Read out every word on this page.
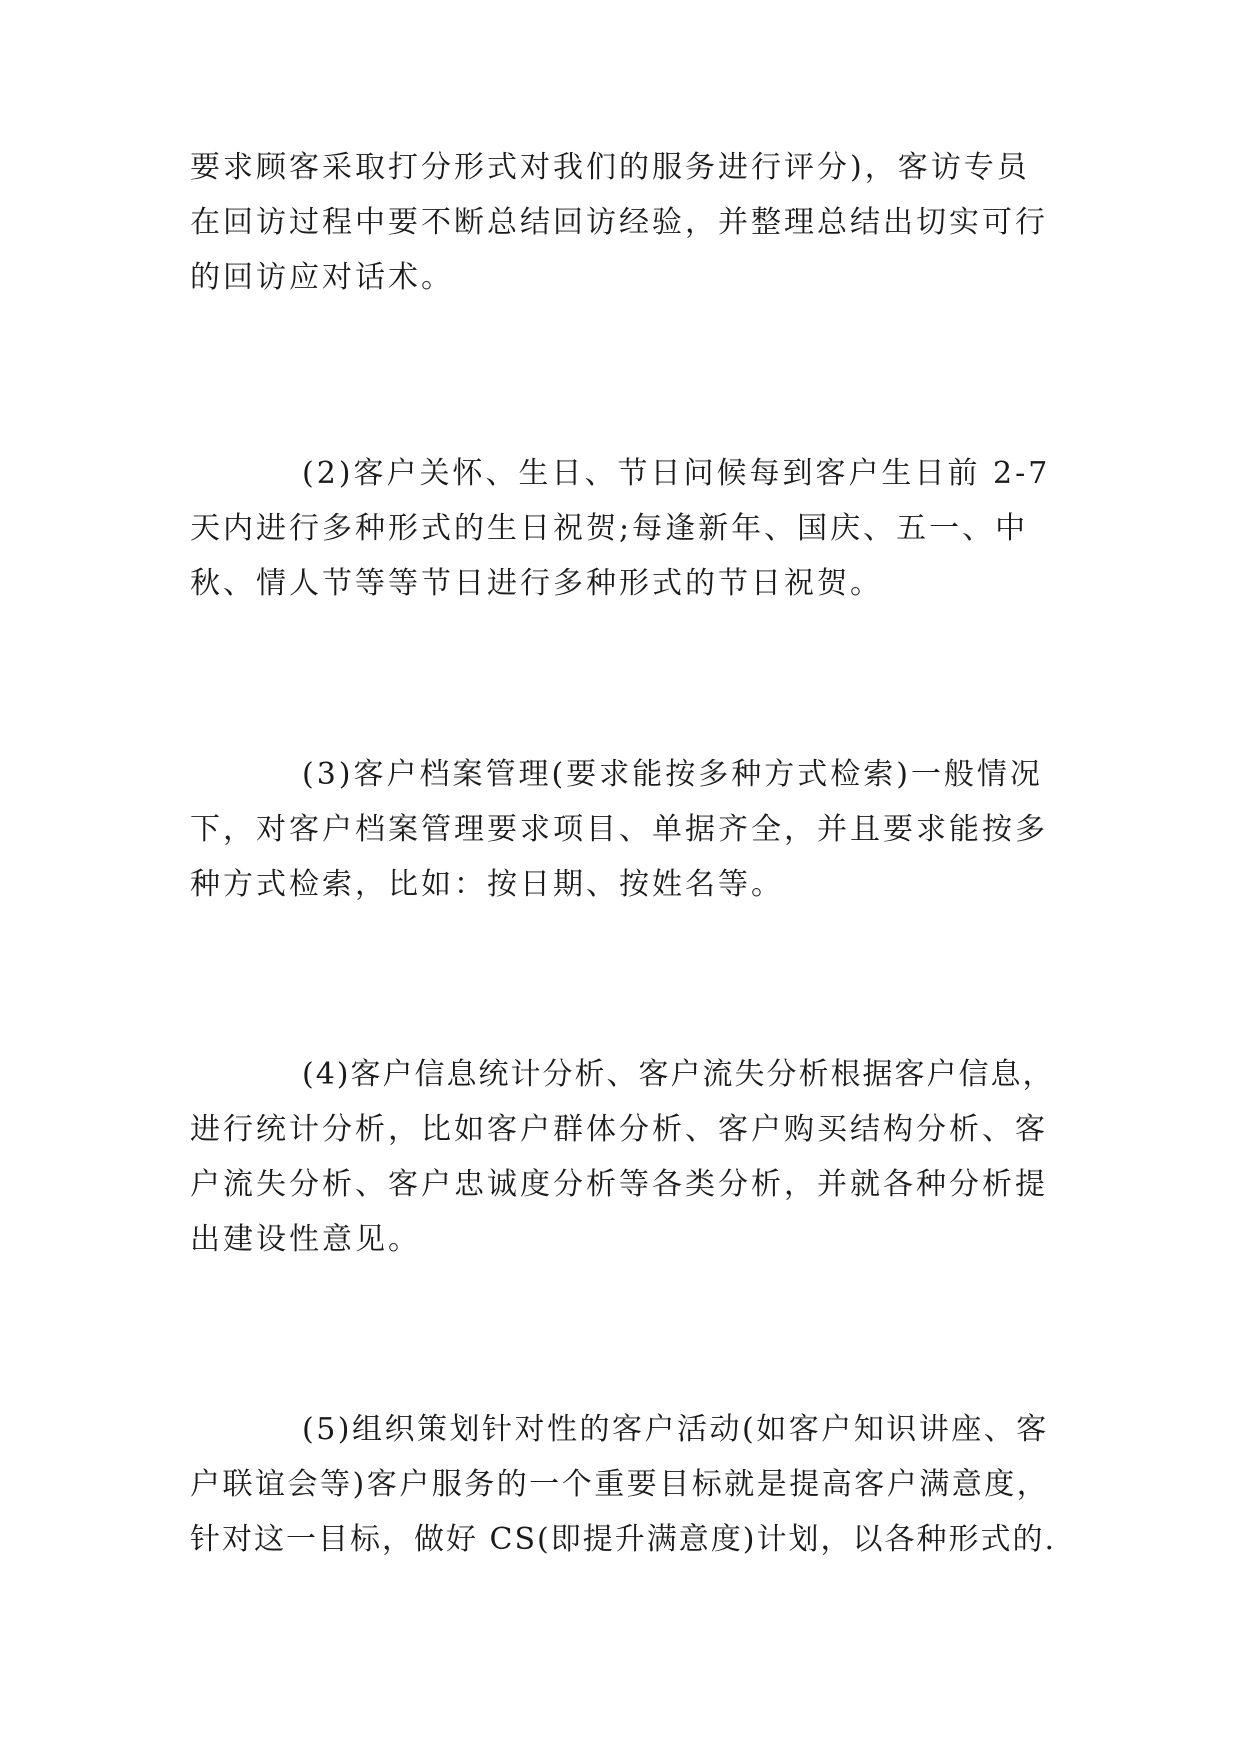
要求顾客采取打分形式对我们的服务进行评分)，客访专员

在回访过程中要不断总结回访经验，并整理总结出切实可行

的回访应对话术。

(2)客户关怀、生日、节日问候每到客户生日前 2-7

天内进行多种形式的生日祝贺;每逢新年、国庆、五一、中

秋、情人节等等节日进行多种形式的节日祝贺。

(3)客户档案管理(要求能按多种方式检索)一般情况

下，对客户档案管理要求项目、单据齐全，并且要求能按多

种方式检索，比如：按日期、按姓名等。

(4)客户信息统计分析、客户流失分析根据客户信息，

进行统计分析，比如客户群体分析、客户购买结构分析、客

户流失分析、客户忠诚度分析等各类分析，并就各种分析提

出建设性意见。

(5)组织策划针对性的客户活动(如客户知识讲座、客

户联谊会等)客户服务的一个重要目标就是提高客户满意度，

针对这一目标，做好 CS(即提升满意度)计划，以各种形式的.
